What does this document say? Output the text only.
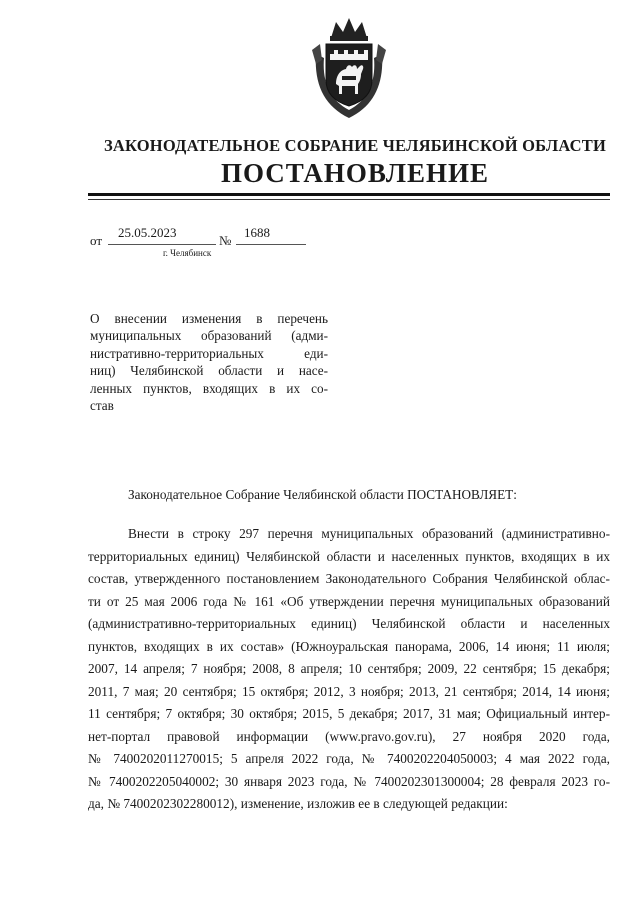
ЗАКОНОДАТЕЛЬНОЕ СОБРАНИЕ ЧЕЛЯБИНСКОЙ ОБЛАСТИ
ПОСТАНОВЛЕНИЕ
от
25.05.2023
№
1688
г. Челябинск
О внесении изменения в перечень
муниципальных образований (адми-
нистративно-территориальных еди-
ниц) Челябинской области и насе-
ленных пунктов, входящих в их со-
став
Законодательное Собрание Челябинской области ПОСТАНОВЛЯЕТ:
Внести в строку 297 перечня муниципальных образований (административно-
территориальных единиц) Челябинской области и населенных пунктов, входящих в их
состав, утвержденного постановлением Законодательного Собрания Челябинской облас-
ти от 25 мая 2006 года № 161 «Об утверждении перечня муниципальных образований
(административно-территориальных единиц) Челябинской области и населенных
пунктов, входящих в их состав» (Южноуральская панорама, 2006, 14 июня; 11 июля;
2007, 14 апреля; 7 ноября; 2008, 8 апреля; 10 сентября; 2009, 22 сентября; 15 декабря;
2011, 7 мая; 20 сентября; 15 октября; 2012, 3 ноября; 2013, 21 сентября; 2014, 14 июня;
11 сентября; 7 октября; 30 октября; 2015, 5 декабря; 2017, 31 мая; Официальный интер-
нет-портал правовой информации (www.pravo.gov.ru), 27 ноября 2020 года,
№ 7400202011270015; 5 апреля 2022 года, № 7400202204050003; 4 мая 2022 года,
№ 7400202205040002; 30 января 2023 года, № 7400202301300004; 28 февраля 2023 го-
да, № 7400202302280012), изменение, изложив ее в следующей редакции:
